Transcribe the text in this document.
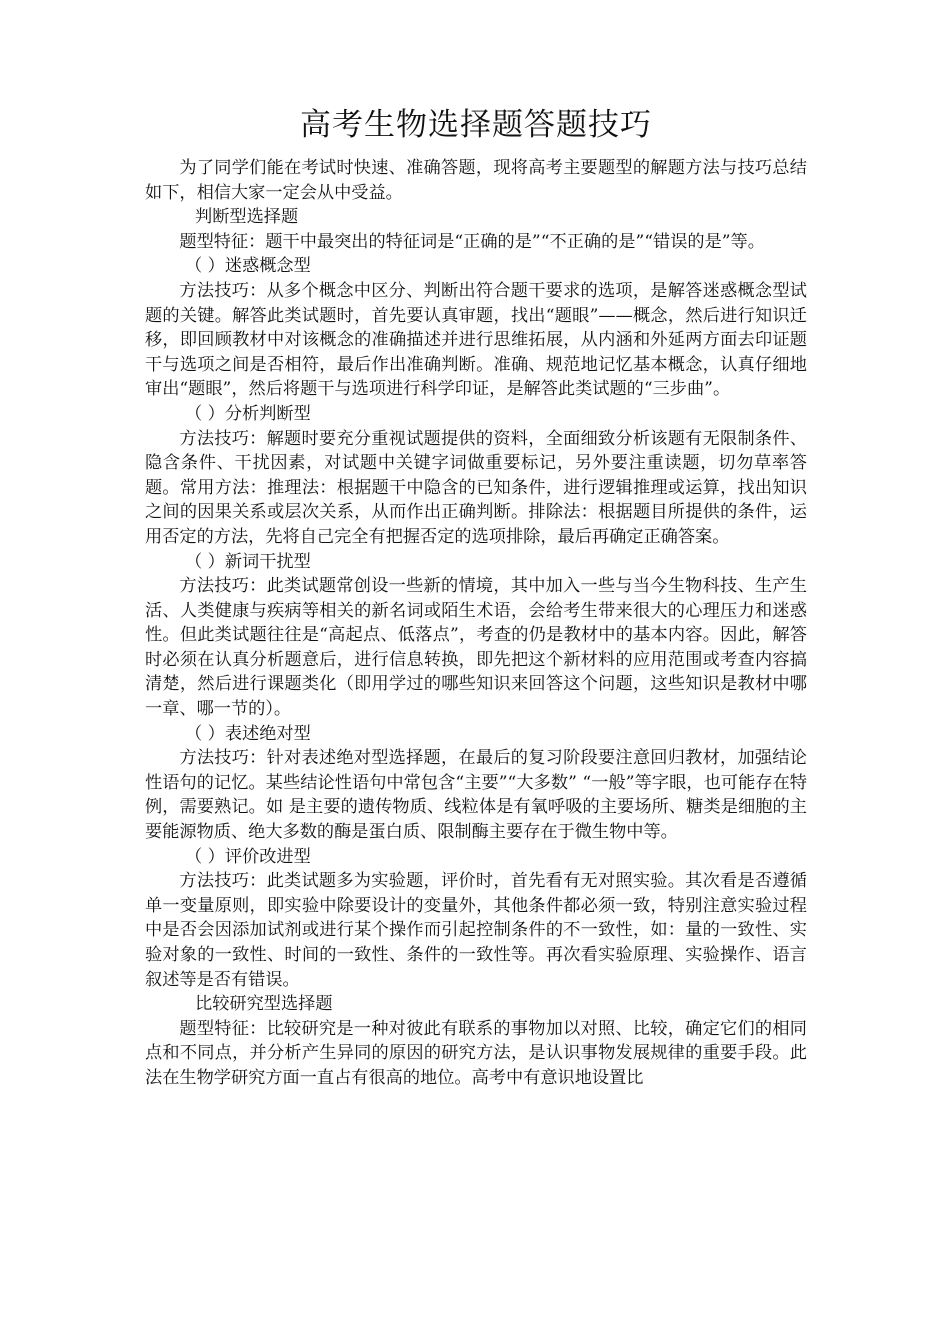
高考生物选择题答题技巧

为了同学们能在考试时快速、准确答题，现将高考主要题型的解题方法与技巧总结如下，相信大家一定会从中受益。

判断型选择题

题型特征：题干中最突出的特征词是“正确的是”“不正确的是”“错误的是”等。

（ ）迷惑概念型

方法技巧：从多个概念中区分、判断出符合题干要求的选项，是解答迷惑概念型试题的关键。解答此类试题时，首先要认真审题，找出“题眼”——概念，然后进行知识迁移，即回顾教材中对该概念的准确描述并进行思维拓展，从内涵和外延两方面去印证题干与选项之间是否相符，最后作出准确判断。准确、规范地记忆基本概念，认真仔细地审出“题眼”，然后将题干与选项进行科学印证，是解答此类试题的“三步曲”。

（ ）分析判断型

方法技巧：解题时要充分重视试题提供的资料，全面细致分析该题有无限制条件、隐含条件、干扰因素，对试题中关键字词做重要标记，另外要注重读题，切勿草率答题。常用方法：推理法：根据题干中隐含的已知条件，进行逻辑推理或运算，找出知识之间的因果关系或层次关系，从而作出正确判断。排除法：根据题目所提供的条件，运用否定的方法，先将自己完全有把握否定的选项排除，最后再确定正确答案。

（ ）新词干扰型

方法技巧：此类试题常创设一些新的情境，其中加入一些与当今生物科技、生产生活、人类健康与疾病等相关的新名词或陌生术语，会给考生带来很大的心理压力和迷惑性。但此类试题往往是“高起点、低落点”，考查的仍是教材中的基本内容。因此，解答时必须在认真分析题意后，进行信息转换，即先把这个新材料的应用范围或考查内容搞清楚，然后进行课题类化（即用学过的哪些知识来回答这个问题，这些知识是教材中哪一章、哪一节的）。

（ ）表述绝对型

方法技巧：针对表述绝对型选择题，在最后的复习阶段要注意回归教材，加强结论性语句的记忆。某些结论性语句中常包含“主要”“大多数” “一般”等字眼，也可能存在特例，需要熟记。如 是主要的遗传物质、线粒体是有氧呼吸的主要场所、糖类是细胞的主要能源物质、绝大多数的酶是蛋白质、限制酶主要存在于微生物中等。

（ ）评价改进型

方法技巧：此类试题多为实验题，评价时，首先看有无对照实验。其次看是否遵循单一变量原则，即实验中除要设计的变量外，其他条件都必须一致，特别注意实验过程中是否会因添加试剂或进行某个操作而引起控制条件的不一致性，如：量的一致性、实验对象的一致性、时间的一致性、条件的一致性等。再次看实验原理、实验操作、语言叙述等是否有错误。

比较研究型选择题

题型特征：比较研究是一种对彼此有联系的事物加以对照、比较，确定它们的相同点和不同点，并分析产生异同的原因的研究方法，是认识事物发展规律的重要手段。此法在生物学研究方面一直占有很高的地位。高考中有意识地设置比
